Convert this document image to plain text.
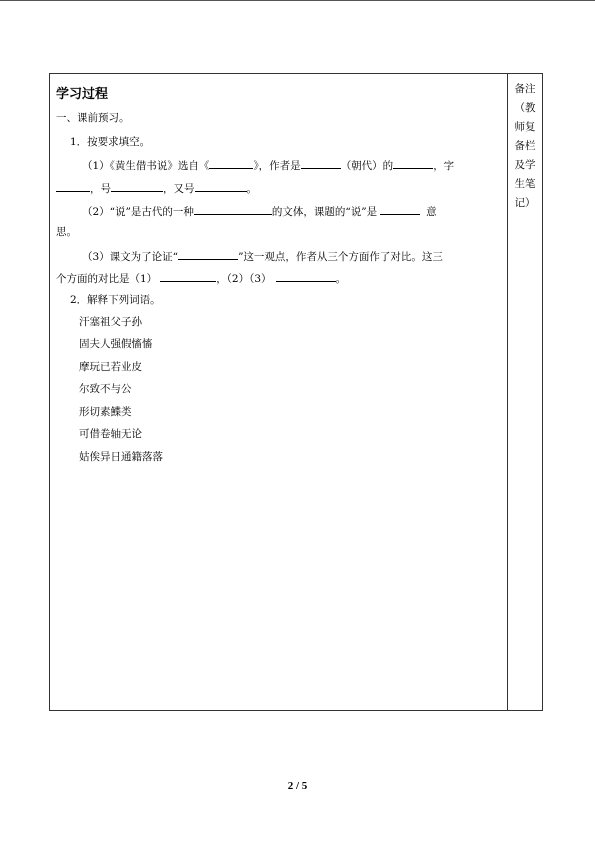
学习过程
一、课前预习。
1．按要求填空。
（1）《黄生借书说》选自《	》，作者是	（朝代）的	，字
，号	，又号	。
（2）“说”是古代的一种	的文体，课题的“说”是	意
思。
（3）课文为了论证“	”这一观点，作者从三个方面作了对比。这三
个方面的对比是（1）	，（2）（3）	。
2．解释下列词语。
汗塞祖父子孙
固夫人强假慉慉
摩玩已若业皮
尔致不与公
形切素鰈类
可借卷轴无论
姑俟异日通籍落落
备注（教师复备栏及学生笔记）
2 / 5
